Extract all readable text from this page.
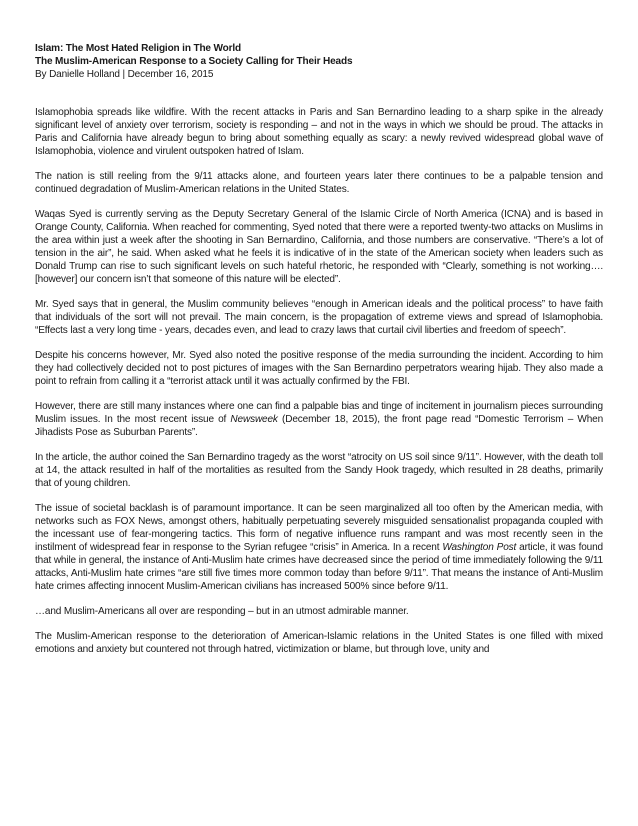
Islam: The Most Hated Religion in The World
The Muslim-American Response to a Society Calling for Their Heads
By Danielle Holland | December 16, 2015

Islamophobia spreads like wildfire. With the recent attacks in Paris and San Bernardino leading to a sharp spike in the already significant level of anxiety over terrorism, society is responding – and not in the ways in which we should be proud. The attacks in Paris and California have already begun to bring about something equally as scary: a newly revived widespread global wave of Islamophobia, violence and virulent outspoken hatred of Islam.

The nation is still reeling from the 9/11 attacks alone, and fourteen years later there continues to be a palpable tension and continued degradation of Muslim-American relations in the United States.

Waqas Syed is currently serving as the Deputy Secretary General of the Islamic Circle of North America (ICNA) and is based in Orange County, California. When reached for commenting, Syed noted that there were a reported twenty-two attacks on Muslims in the area within just a week after the shooting in San Bernardino, California, and those numbers are conservative. “There’s a lot of tension in the air”, he said. When asked what he feels it is indicative of in the state of the American society when leaders such as Donald Trump can rise to such significant levels on such hateful rhetoric, he responded with “Clearly, something is not working….[however] our concern isn’t that someone of this nature will be elected”.

Mr. Syed says that in general, the Muslim community believes “enough in American ideals and the political process” to have faith that individuals of the sort will not prevail. The main concern, is the propagation of extreme views and spread of Islamophobia. “Effects last a very long time - years, decades even, and lead to crazy laws that curtail civil liberties and freedom of speech”.

Despite his concerns however, Mr. Syed also noted the positive response of the media surrounding the incident. According to him they had collectively decided not to post pictures of images with the San Bernardino perpetrators wearing hijab. They also made a point to refrain from calling it a “terrorist attack until it was actually confirmed by the FBI.

However, there are still many instances where one can find a palpable bias and tinge of incitement in journalism pieces surrounding Muslim issues. In the most recent issue of Newsweek (December 18, 2015), the front page read “Domestic Terrorism – When Jihadists Pose as Suburban Parents”.

In the article, the author coined the San Bernardino tragedy as the worst “atrocity on US soil since 9/11”. However, with the death toll at 14, the attack resulted in half of the mortalities as resulted from the Sandy Hook tragedy, which resulted in 28 deaths, primarily that of young children.

The issue of societal backlash is of paramount importance. It can be seen marginalized all too often by the American media, with networks such as FOX News, amongst others, habitually perpetuating severely misguided sensationalist propaganda coupled with the incessant use of fear-mongering tactics. This form of negative influence runs rampant and was most recently seen in the instilment of widespread fear in response to the Syrian refugee “crisis” in America. In a recent Washington Post article, it was found that while in general, the instance of Anti-Muslim hate crimes have decreased since the period of time immediately following the 9/11 attacks, Anti-Muslim hate crimes “are still five times more common today than before 9/11”. That means the instance of Anti-Muslim hate crimes affecting innocent Muslim-American civilians has increased 500% since before 9/11.

…and Muslim-Americans all over are responding – but in an utmost admirable manner.

The Muslim-American response to the deterioration of American-Islamic relations in the United States is one filled with mixed emotions and anxiety but countered not through hatred, victimization or blame, but through love, unity and
